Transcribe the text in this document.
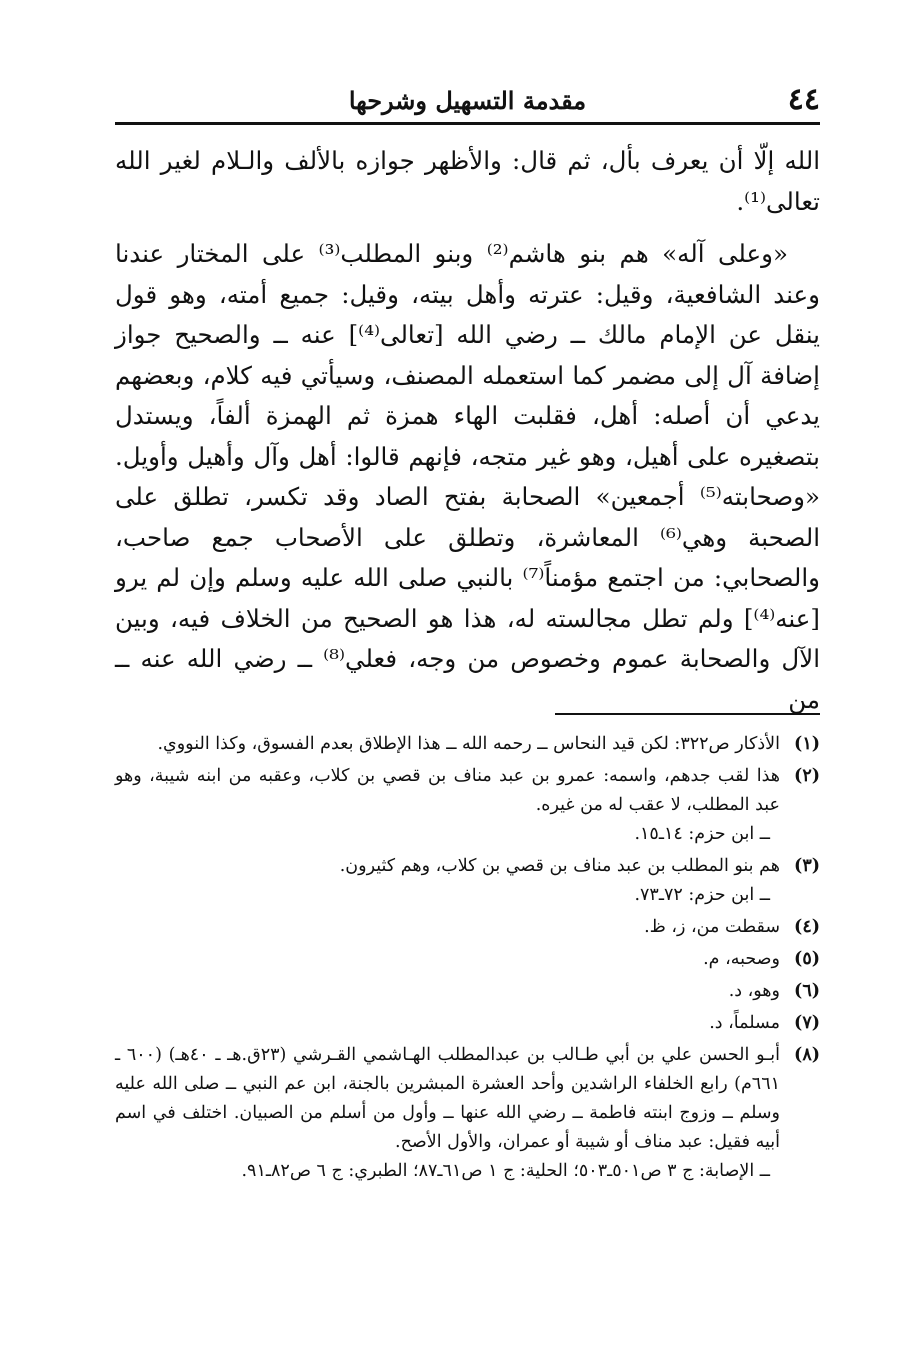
٤٤
مقدمة التسهيل وشرحها

الله إلّا أن يعرف بأل، ثم قال: والأظهر جوازه بالألف والـلام لغير الله تعالى⁽¹⁾.

«وعلى آله» هم بنو هاشم⁽²⁾ وبنو المطلب⁽³⁾ على المختار عندنا وعند الشافعية، وقيل: عترته وأهل بيته، وقيل: جميع أمته، وهو قول ينقل عن الإمام مالك ــ رضي الله [تعالى⁽⁴⁾] عنه ــ والصحيح جواز إضافة آل إلى مضمر كما استعمله المصنف، وسيأتي فيه كلام، وبعضهم يدعي أن أصله: أهل، فقلبت الهاء همزة ثم الهمزة ألفاً، ويستدل بتصغيره على أهيل، وهو غير متجه، فإنهم قالوا: أهل وآل وأهيل وأويل. «وصحابته⁽⁵⁾ أجمعين» الصحابة بفتح الصاد وقد تكسر، تطلق على الصحبة وهي⁽⁶⁾ المعاشرة، وتطلق على الأصحاب جمع صاحب، والصحابي: من اجتمع مؤمناً⁽⁷⁾ بالنبي صلى الله عليه وسلم وإن لم يرو [عنه⁽⁴⁾] ولم تطل مجالسته له، هذا هو الصحيح من الخلاف فيه، وبين الآل والصحابة عموم وخصوص من وجه، فعلي⁽⁸⁾ ــ رضي الله عنه ــ من

(١)
الأذكار ص٣٢٢: لكن قيد النحاس ــ رحمه الله ــ هذا الإطلاق بعدم الفسوق، وكذا النووي.
(٢)
هذا لقب جدهم، واسمه: عمرو بن عبد مناف بن قصي بن كلاب، وعقبه من ابنه شيبة، وهو عبد المطلب، لا عقب له من غيره.
ــ ابن حزم: ١٤ـ١٥.
(٣)
هم بنو المطلب بن عبد مناف بن قصي بن كلاب، وهم كثيرون.
ــ ابن حزم: ٧٢ـ٧٣.
(٤)
سقطت من، ز، ظ.
(٥)
وصحبه، م.
(٦)
وهو، د.
(٧)
مسلماً، د.
(٨)
أبـو الحسن علي بن أبي طـالب بن عبدالمطلب الهـاشمي القـرشي (٢٣ق.هـ ـ ٤٠هـ) (٦٠٠ ـ ٦٦١م) رابع الخلفاء الراشدين وأحد العشرة المبشرين بالجنة، ابن عم النبي ــ صلى الله عليه وسلم ــ وزوج ابنته فاطمة ــ رضي الله عنها ــ وأول من أسلم من الصبيان. اختلف في اسم أبيه فقيل: عبد مناف أو شيبة أو عمران، والأول الأصح.
ــ الإصابة: ج ٣ ص٥٠١ـ٥٠٣؛ الحلية: ج ١ ص٦١ـ٨٧؛ الطبري: ج ٦ ص٨٢ـ٩١.
